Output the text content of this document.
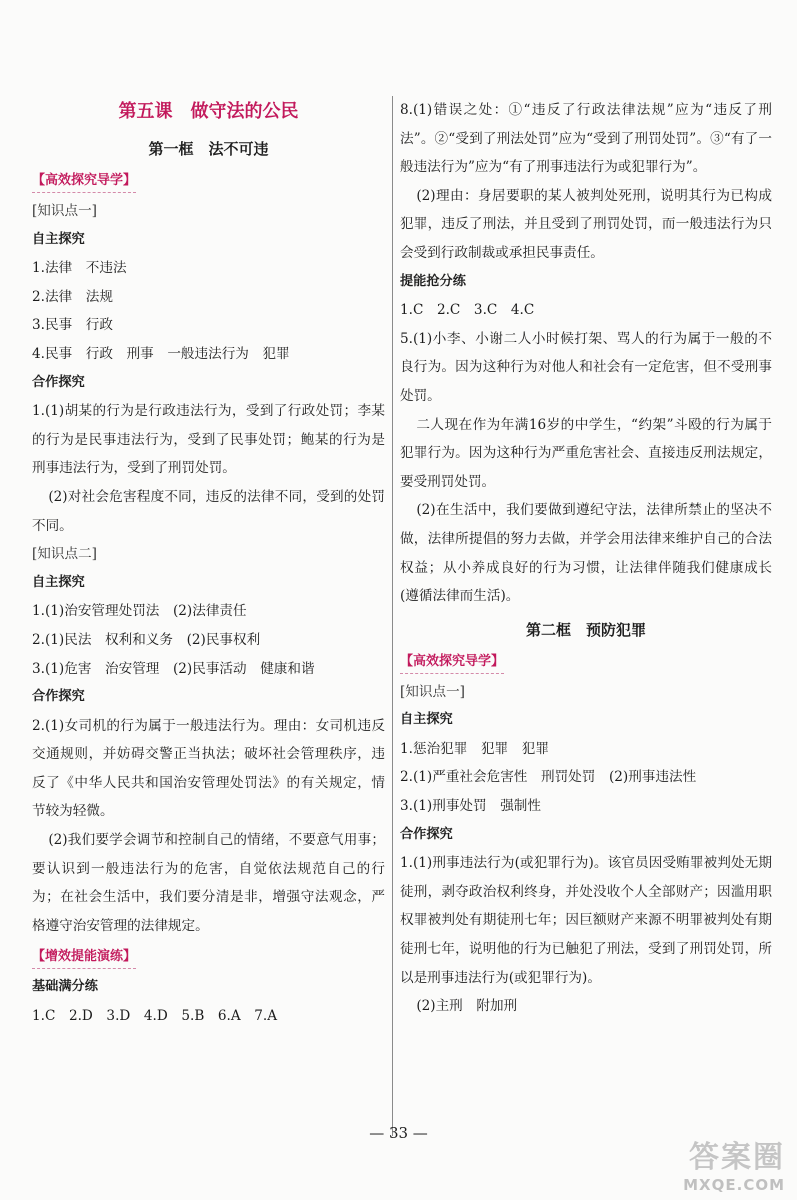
第五课　做守法的公民
第一框　法不可违
【高效探究导学】

[知识点一]

自主探究

1.法律　不违法

2.法律　法规

3.民事　行政

4.民事　行政　刑事　一般违法行为　犯罪

合作探究

1.(1)胡某的行为是行政违法行为，受到了行政处罚；李某的行为是民事违法行为，受到了民事处罚；鲍某的行为是刑事违法行为，受到了刑罚处罚。

(2)对社会危害程度不同，违反的法律不同，受到的处罚不同。

[知识点二]

自主探究

1.(1)治安管理处罚法　(2)法律责任

2.(1)民法　权利和义务　(2)民事权利

3.(1)危害　治安管理　(2)民事活动　健康和谐

合作探究

2.(1)女司机的行为属于一般违法行为。理由：女司机违反交通规则，并妨碍交警正当执法；破坏社会管理秩序，违反了《中华人民共和国治安管理处罚法》的有关规定，情节较为轻微。

(2)我们要学会调节和控制自己的情绪，不要意气用事；要认识到一般违法行为的危害，自觉依法规范自己的行为；在社会生活中，我们要分清是非，增强守法观念，严格遵守治安管理的法律规定。

【增效提能演练】

基础满分练

1.C　2.D　3.D　4.D　5.B　6.A　7.A

8.(1)错误之处：①“违反了行政法律法规”应为“违反了刑法”。②“受到了刑法处罚”应为“受到了刑罚处罚”。③“有了一般违法行为”应为“有了刑事违法行为或犯罪行为”。

(2)理由：身居要职的某人被判处死刑，说明其行为已构成犯罪，违反了刑法，并且受到了刑罚处罚，而一般违法行为只会受到行政制裁或承担民事责任。

提能抢分练

1.C　2.C　3.C　4.C

5.(1)小李、小谢二人小时候打架、骂人的行为属于一般的不良行为。因为这种行为对他人和社会有一定危害，但不受刑事处罚。

二人现在作为年满16岁的中学生，“约架”斗殴的行为属于犯罪行为。因为这种行为严重危害社会、直接违反刑法规定，要受刑罚处罚。

(2)在生活中，我们要做到遵纪守法，法律所禁止的坚决不做，法律所提倡的努力去做，并学会用法律来维护自己的合法权益；从小养成良好的行为习惯，让法律伴随我们健康成长(遵循法律而生活)。

第二框　预防犯罪
【高效探究导学】

[知识点一]

自主探究

1.惩治犯罪　犯罪　犯罪

2.(1)严重社会危害性　刑罚处罚　(2)刑事违法性

3.(1)刑事处罚　强制性

合作探究

1.(1)刑事违法行为(或犯罪行为)。该官员因受贿罪被判处无期徒刑，剥夺政治权利终身，并处没收个人全部财产；因滥用职权罪被判处有期徒刑七年；因巨额财产来源不明罪被判处有期徒刑七年，说明他的行为已触犯了刑法，受到了刑罚处罚，所以是刑事违法行为(或犯罪行为)。

(2)主刑　附加刑

— 33 —
答案圈
MXQE.COM
